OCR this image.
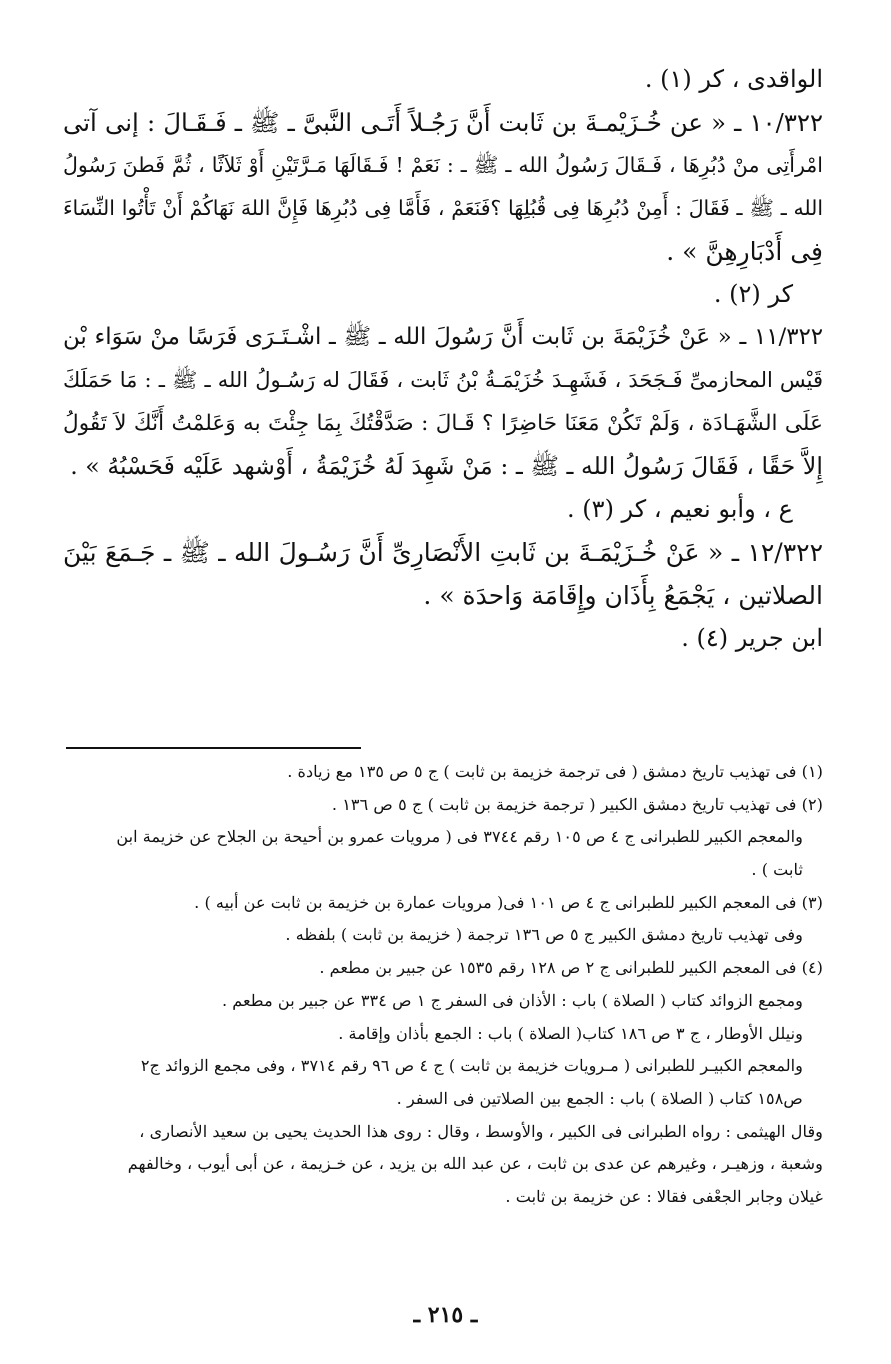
الواقدى ، كر (١) .
١٠/٣٢٢ ـ « عن خُـزَيْمـةَ بن ثَابت أَنَّ رَجُـلاً أَتَـى النَّبىَّ ـ ﷺ ـ فَـقَـالَ : إنى آتى
امْرأَتِى منْ دُبُرِهَا ، فَـقَالَ رَسُولُ الله ـ ﷺ ـ : نَعَمْ ! فَـقَالَهَا مَـرَّتَيْنِ أَوْ ثَلاَثًا ، ثُمَّ فَطنَ رَسُولُ
الله ـ ﷺ ـ فَقَالَ : أَمِنْ دُبُرِهَا فِى قُبُلِهَا ؟فَنَعَمْ ، فَأَمَّا فِى دُبُرِهَا فَإِنَّ اللهَ نَهَاكُمْ أَنْ تَأْتُوا النِّسَاءَ
فِى أَدْبَارِهِنَّ » .
كر (٢) .
١١/٣٢٢ ـ « عَنْ خُزَيْمَةَ بن ثَابت أَنَّ رَسُولَ الله ـ ﷺ ـ اشْـتَـرَى فَرَسًا منْ سَوَاء بْن
قَيْس المحازمىِّ فَـجَحَدَ ، فَشَهِـدَ خُزَيْمَـةُ بْنُ ثَابت ، فَقَالَ له رَسُـولُ الله ـ ﷺ ـ : مَا حَمَلَكَ
عَلَى الشَّهَـادَة ، وَلَمْ تَكُنْ مَعَنَا حَاضِرًا ؟ قَـالَ : صَدَّقْتُكَ بِمَا جِئْتَ به وَعَلمْتُ أَنَّكَ لاَ تَقُولُ
إِلاَّ حَقًا ، فَقَالَ رَسُولُ الله ـ ﷺ ـ : مَنْ شَهِدَ لَهُ خُزَيْمَةُ ، أَوْشهد عَلَيْه فَحَسْبُهُ » .
ع ، وأبو نعيم ، كر (٣) .
١٢/٣٢٢ ـ « عَنْ خُـزَيْمَـةَ بن ثَابتِ الأَنْصَارِىِّ أَنَّ رَسُـولَ الله ـ ﷺ ـ جَـمَعَ بَيْنَ
الصلاتين ، يَجْمَعُ بِأَذَان وإِقَامَة وَاحدَة » .
ابن جرير (٤) .
(١) فى تهذيب تاريخ دمشق ( فى ترجمة خزيمة بن ثابت ) ج ٥ ص ١٣٥ مع زيادة .
(٢) فى تهذيب تاريخ دمشق الكبير ( ترجمة خزيمة بن ثابت ) ج ٥ ص ١٣٦ .
والمعجم الكبير للطبرانى ج ٤ ص ١٠٥ رقم ٣٧٤٤ فى ( مرويات عمرو بن أحيحة بن الجلاح عن خزيمة ابن
ثابت ) .
(٣) فى المعجم الكبير للطبرانى ج ٤ ص ١٠١ فى( مرويات عمارة بن خزيمة بن ثابت عن أبيه ) .
وفى تهذيب تاريخ دمشق الكبير ج ٥ ص ١٣٦ ترجمة ( خزيمة بن ثابت ) بلفظه .
(٤) فى المعجم الكبير للطبرانى ج ٢ ص ١٢٨ رقم ١٥٣٥ عن جبير بن مطعم .
ومجمع الزوائد كتاب ( الصلاة ) باب : الأذان فى السفر ج ١ ص ٣٣٤ عن جبير بن مطعم .
ونيلل الأوطار ، ج ٣ ص ١٨٦ كتاب( الصلاة ) باب : الجمع بأذان وإقامة .
والمعجم الكبيـر للطبرانى ( مـرويات خزيمة بن ثابت ) ج ٤ ص ٩٦ رقم ٣٧١٤ ، وفى مجمع الزوائد ج٢
ص١٥٨ كتاب ( الصلاة ) باب : الجمع بين الصلاتين فى السفر .
وقال الهيثمى : رواه الطبرانى فى الكبير ، والأوسط ، وقال : روى هذا الحديث يحيى بن سعيد الأنصارى ،
وشعبة ، وزهيـر ، وغيرهم عن عدى بن ثابت ، عن عبد الله بن يزيد ، عن خـزيمة ، عن أبى أيوب ، وخالفهم
غيلان وجابر الجعْفى فقالا : عن خزيمة بن ثابت .
ـ ٢١٥ ـ
